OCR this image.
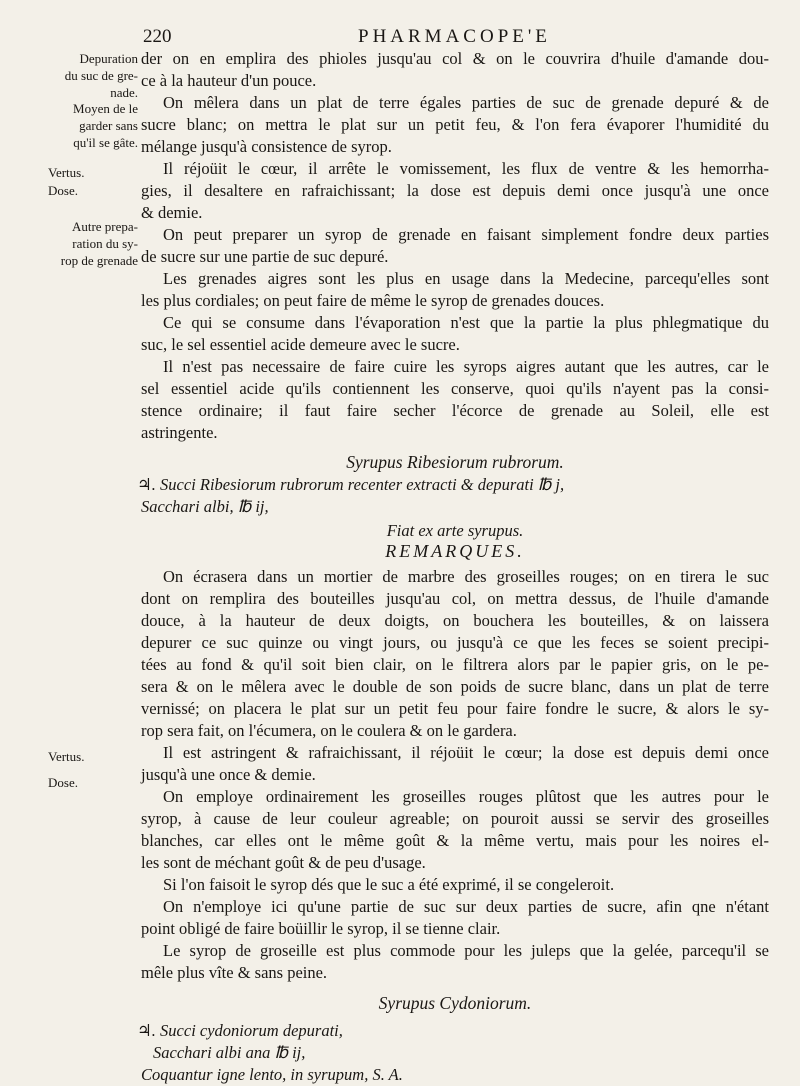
220	PHARMACOPE'E
Depuration
du suc de gre-
nade.
Moyen de le
garder sans
qu'il se gâte.
Vertus.
Dose.
Autre prepa-
ration du sy-
rop de grenade
Vertus.
Dose.
der on en emplira des phioles jusqu'au col & on le couvrira d'huile d'amande dou-
ce à la hauteur d'un pouce.
On mêlera dans un plat de terre égales parties de suc de grenade depuré & de
sucre blanc; on mettra le plat sur un petit feu, & l'on fera évaporer l'humidité du
mélange jusqu'à consistence de syrop.
Il réjoüit le cœur, il arrête le vomissement, les flux de ventre & les hemorrha-
gies, il desaltere en rafraichissant; la dose est depuis demi once jusqu'à une once
& demie.
On peut preparer un syrop de grenade en faisant simplement fondre deux parties
de sucre sur une partie de suc depuré.
Les grenades aigres sont les plus en usage dans la Medecine, parcequ'elles sont
les plus cordiales; on peut faire de même le syrop de grenades douces.
Ce qui se consume dans l'évaporation n'est que la partie la plus phlegmatique du
suc, le sel essentiel acide demeure avec le sucre.
Il n'est pas necessaire de faire cuire les syrops aigres autant que les autres, car le
sel essentiel acide qu'ils contiennent les conserve, quoi qu'ils n'ayent pas la consi-
stence ordinaire; il faut faire secher l'écorce de grenade au Soleil, elle est
astringente.
Syrupus Ribesiorum rubrorum.
♃. Succi Ribesiorum rubrorum recenter extracti & depurati ℔ j,
Sacchari albi, ℔ ij,
Fiat ex arte syrupus.
REMARQUES.
On écrasera dans un mortier de marbre des groseilles rouges; on en tirera le suc
dont on remplira des bouteilles jusqu'au col, on mettra dessus, de l'huile d'amande
douce, à la hauteur de deux doigts, on bouchera les bouteilles, & on laissera
depurer ce suc quinze ou vingt jours, ou jusqu'à ce que les feces se soient precipi-
tées au fond & qu'il soit bien clair, on le filtrera alors par le papier gris, on le pe-
sera & on le mêlera avec le double de son poids de sucre blanc, dans un plat de terre
vernissé; on placera le plat sur un petit feu pour faire fondre le sucre, & alors le sy-
rop sera fait, on l'écumera, on le coulera & on le gardera.
Il est astringent & rafraichissant, il réjoüit le cœur; la dose est depuis demi once
jusqu'à une once & demie.
On employe ordinairement les groseilles rouges plûtost que les autres pour le
syrop, à cause de leur couleur agreable; on pouroit aussi se servir des groseilles
blanches, car elles ont le même goût & la même vertu, mais pour les noires el-
les sont de méchant goût & de peu d'usage.
Si l'on faisoit le syrop dés que le suc a été exprimé, il se congeleroit.
On n'employe ici qu'une partie de suc sur deux parties de sucre, afin qne n'étant
point obligé de faire boüillir le syrop, il se tienne clair.
Le syrop de groseille est plus commode pour les juleps que la gelée, parcequ'il se
mêle plus vîte & sans peine.
Syrupus Cydoniorum.
♃. Succi cydoniorum depurati,
Sacchari albi ana ℔ ij,
Coquantur igne lento, in syrupum, S. A.
